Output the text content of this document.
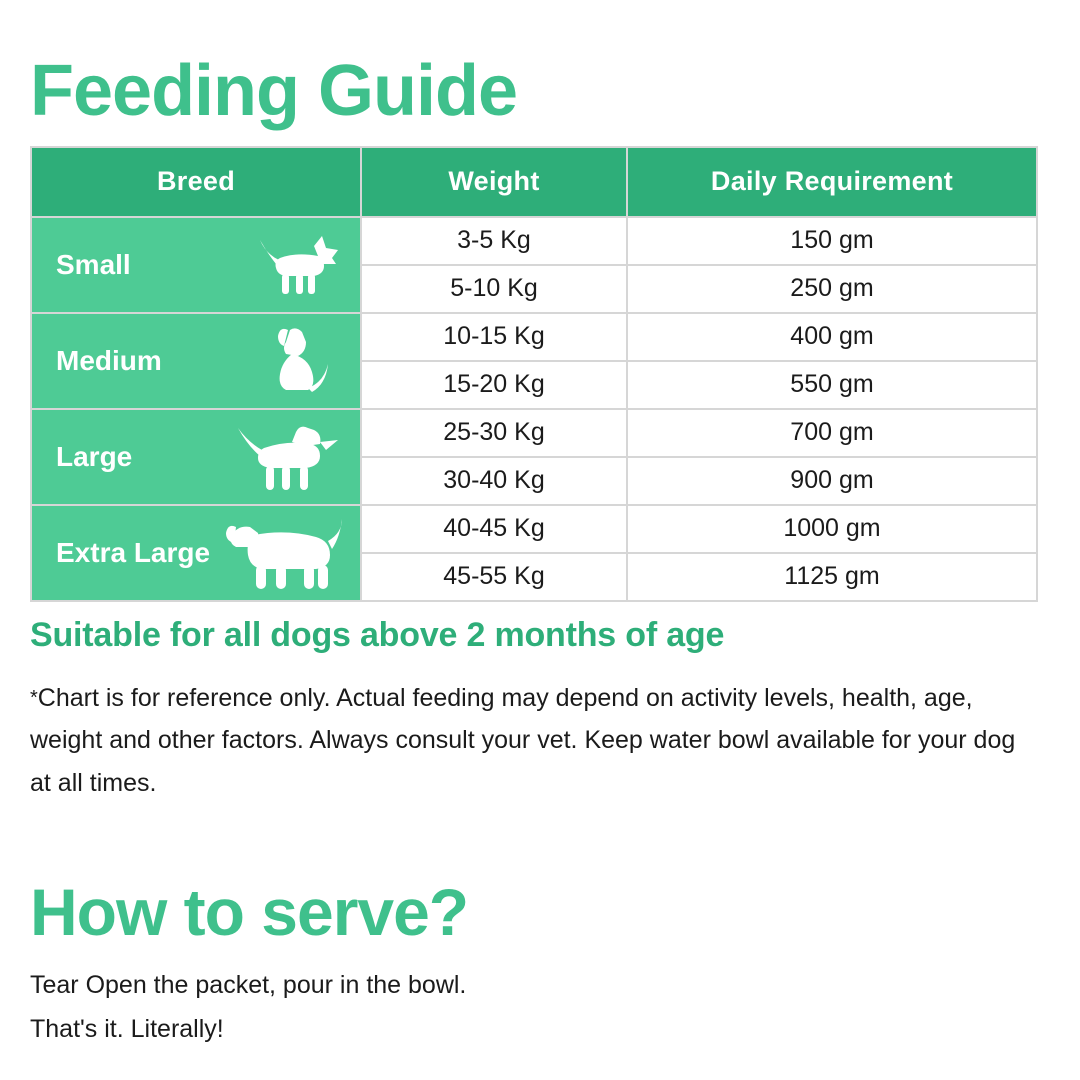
Feeding Guide
Breed	Weight	Daily Requirement

Small	3-5 Kg	150 gm
	5-10 Kg	250 gm

Medium	10-15 Kg	400 gm
	15-20 Kg	550 gm

Large	25-30 Kg	700 gm
	30-40 Kg	900 gm

Extra Large	40-45 Kg	1000 gm
	45-55 Kg	1125 gm

Suitable for all dogs above 2 months of age

*Chart is for reference only. Actual feeding may depend on activity levels, health, age, weight and other factors. Always consult your vet. Keep water bowl available for your dog at all times.

How to serve?
Tear Open the packet, pour in the bowl.
That's it. Literally!
